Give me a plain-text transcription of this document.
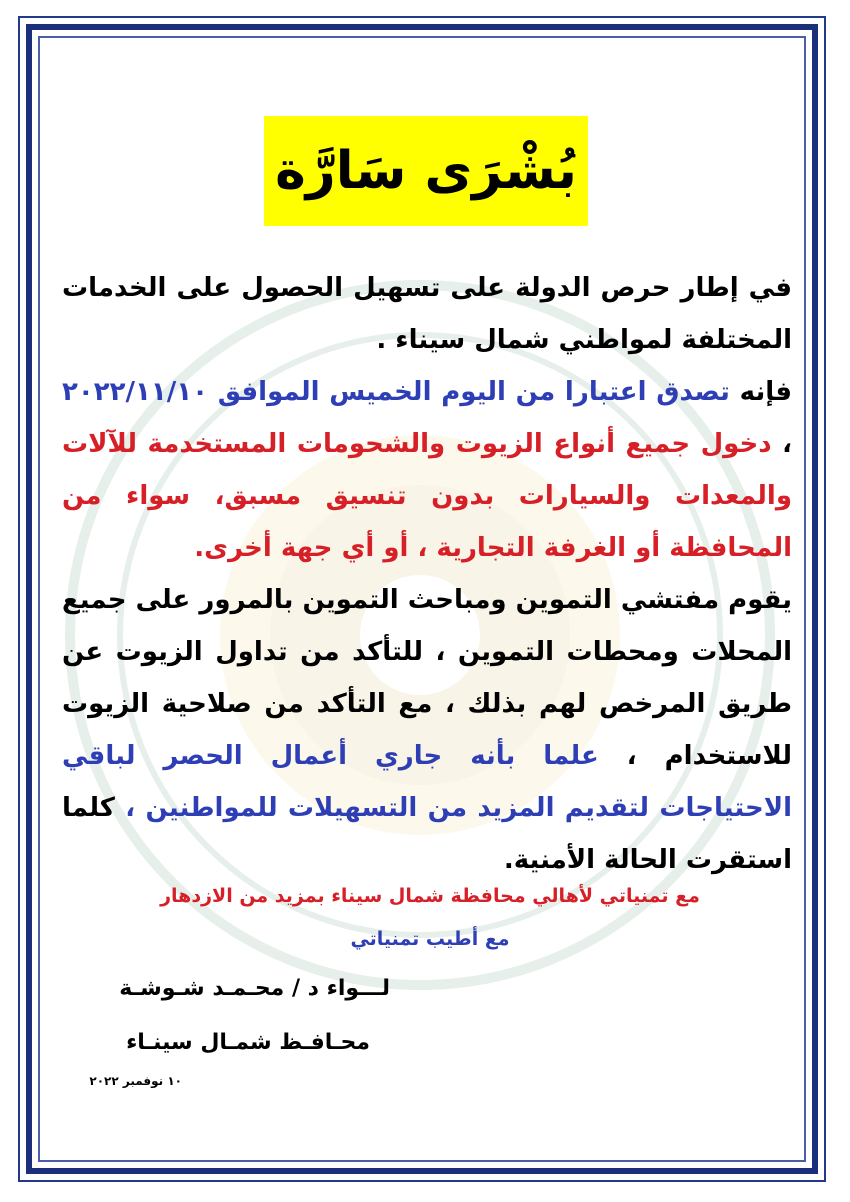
بُشْرَى سَارَّة

في إطار حرص الدولة على تسهيل الحصول على الخدمات المختلفة لمواطني شمال سيناء .

فإنه تصدق اعتبارا من اليوم الخميس الموافق ٢٠٢٢/١١/١٠ ، دخول جميع أنواع الزيوت والشحومات المستخدمة للآلات والمعدات والسيارات بدون تنسيق مسبق، سواء من المحافظة أو الغرفة التجارية ، أو أي جهة أخرى.

يقوم مفتشي التموين ومباحث التموين بالمرور على جميع المحلات ومحطات التموين ، للتأكد من تداول الزيوت عن طريق المرخص لهم بذلك ، مع التأكد من صلاحية الزيوت للاستخدام ، علما بأنه جاري أعمال الحصر لباقي الاحتياجات لتقديم المزيد من التسهيلات للمواطنين ، كلما استقرت الحالة الأمنية.

مع تمنياتي لأهالي محافظة شمال سيناء بمزيد من الازدهار
مع أطيب تمنياتي
لـــواء د / محـمـد شـوشـة
محـافـظ شمـال سينـاء
١٠ نوفمبر ٢٠٢٢
